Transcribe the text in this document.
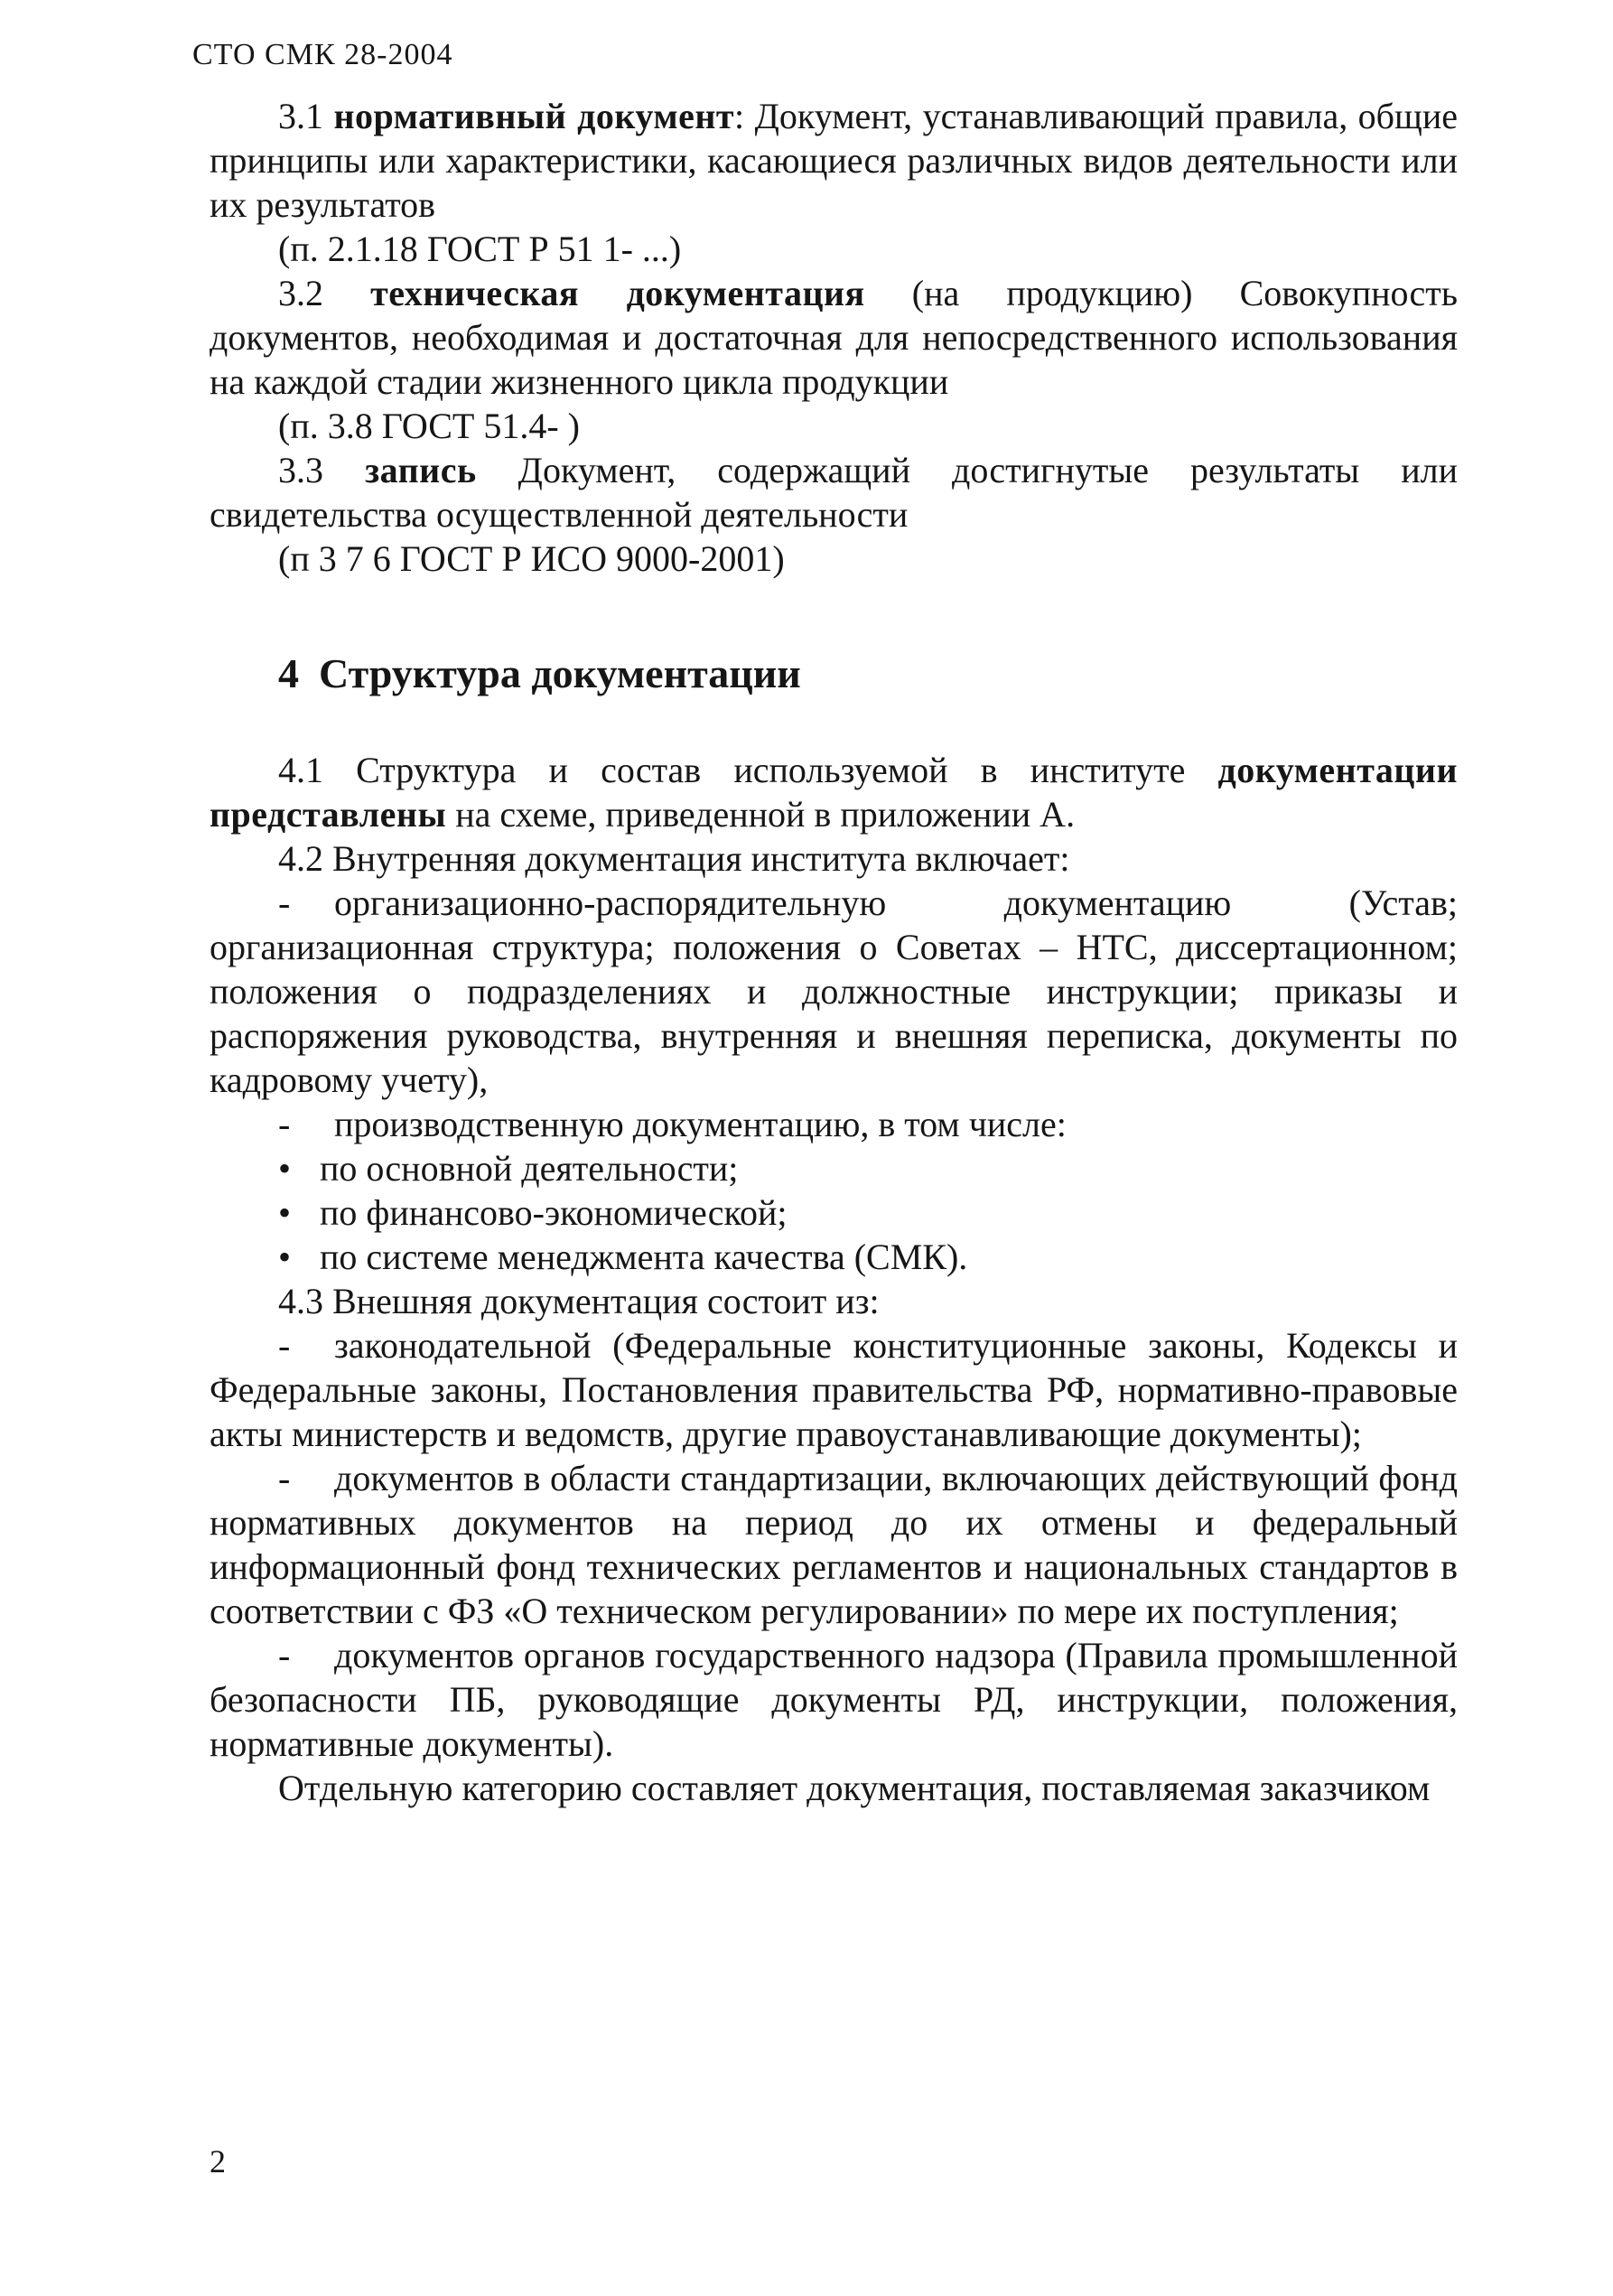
СТО СМК 28-2004

3.1 нормативный документ: Документ, устанавливающий правила, общие принципы или характеристики, касающиеся различных видов деятельности или их результатов

(п. 2.1.18 ГОСТ Р 51 1- ...)

3.2 техническая документация (на продукцию) Совокупность документов, необходимая и достаточная для непосредственного использования на каждой стадии жизненного цикла продукции

(п. 3.8 ГОСТ 51.4- )

3.3 запись Документ, содержащий достигнутые результаты или свидетельства осуществленной деятельности

(п 3 7 6 ГОСТ Р ИСО 9000-2001)

4 Структура документации

4.1 Структура и состав используемой в институте документации представлены на схеме, приведенной в приложении А.

4.2 Внутренняя документация института включает:

- организационно-распорядительную документацию (Устав; организационная структура; положения о Советах – НТС, диссертационном; положения о подразделениях и должностные инструкции; приказы и распоряжения руководства, внутренняя и внешняя переписка, документы по кадровому учету),

- производственную документацию, в том числе:

• по основной деятельности;

• по финансово-экономической;

• по системе менеджмента качества (СМК).

4.3 Внешняя документация состоит из:

- законодательной (Федеральные конституционные законы, Кодексы и Федеральные законы, Постановления правительства РФ, нормативно-правовые акты министерств и ведомств, другие правоустанавливающие документы);

- документов в области стандартизации, включающих действующий фонд нормативных документов на период до их отмены и федеральный информационный фонд технических регламентов и национальных стандартов в соответствии с ФЗ «О техническом регулировании» по мере их поступления;

- документов органов государственного надзора (Правила промышленной безопасности ПБ, руководящие документы РД, инструкции, положения, нормативные документы).

Отдельную категорию составляет документация, поставляемая заказчиком

2
